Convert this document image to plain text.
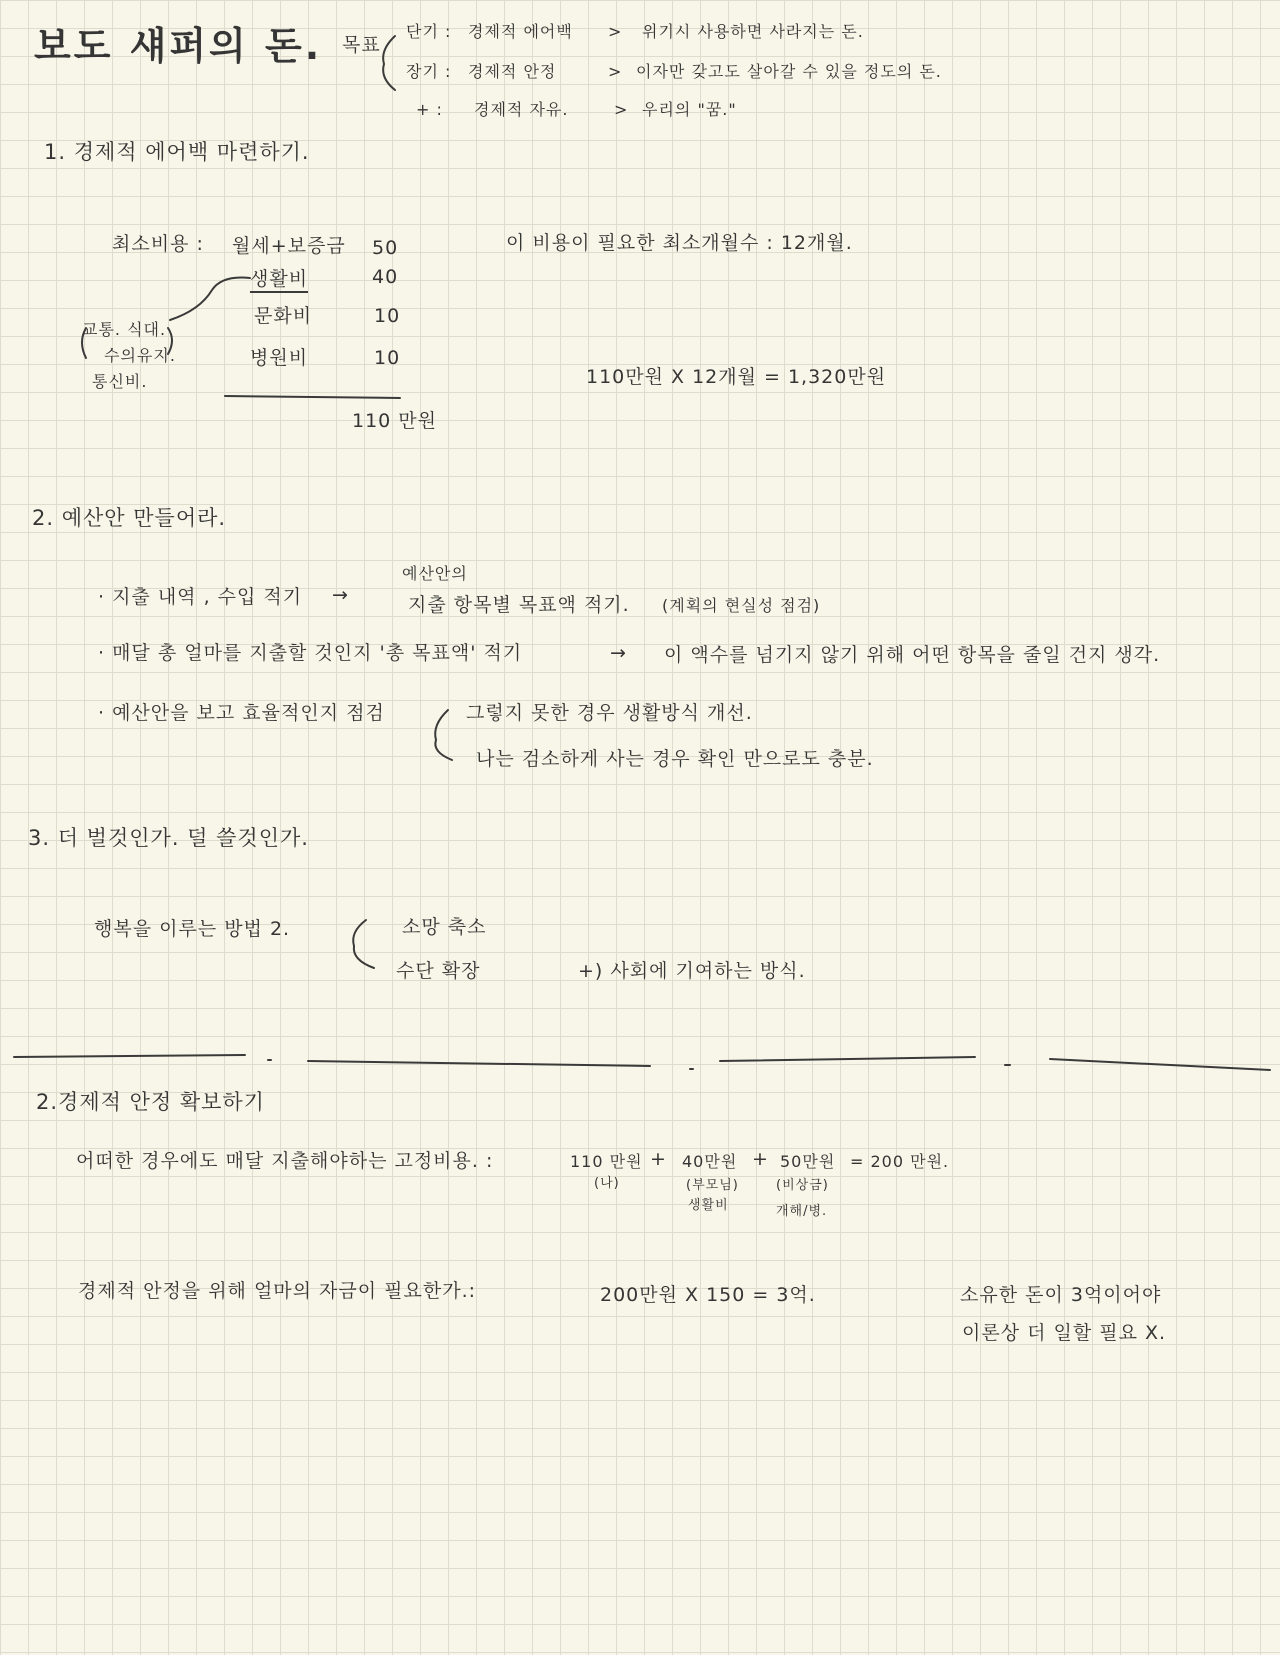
보도 섀퍼의 돈. 목표
단기 : 경제적 에어백 > 위기시 사용하면 사라지는 돈.
장기 : 경제적 안정	> 이자만 갖고도 살아갈 수 있을 정도의 돈.
+ : 경제적 자유.	> 우리의 "꿈."
1. 경제적 에어백 마련하기.
최소비용 : 월세+보증금 50
생활비	40
문화비	10
병원비	10
교통. 식대.
수의유지.
통신비.
110 만원
이 비용이 필요한 최소개월수 : 12개월.
110만원 X 12개월 = 1,320만원
2. 예산안 만들어라.
· 지출 내역 , 수입 적기 →
예산안의
지출 항목별 목표액 적기. (계획의 현실성 점검)
· 매달 총 얼마를 지출할 것인지 '총 목표액' 적기	→ 이 액수를 넘기지 않기 위해 어떤 항목을 줄일 건지 생각.
· 예산안을 보고 효율적인지 점검	그렇지 못한 경우 생활방식 개선.
나는 검소하게 사는 경우 확인 만으로도 충분.
3. 더 벌것인가. 덜 쓸것인가.
행복을 이루는 방법 2.	소망 축소
수단 확장	+) 사회에 기여하는 방식.
2.경제적 안정 확보하기
어떠한 경우에도 매달 지출해야하는 고정비용. :	110 만원
(나)
+ 40만원
(부모님)
생활비
+ 50만원
(비상금)
개해/병.
= 200 만원.
경제적 안정을 위해 얼마의 자금이 필요한가.:	200만원 X 150 = 3억.	소유한 돈이 3억이어야
이론상 더 일할 필요 X.
